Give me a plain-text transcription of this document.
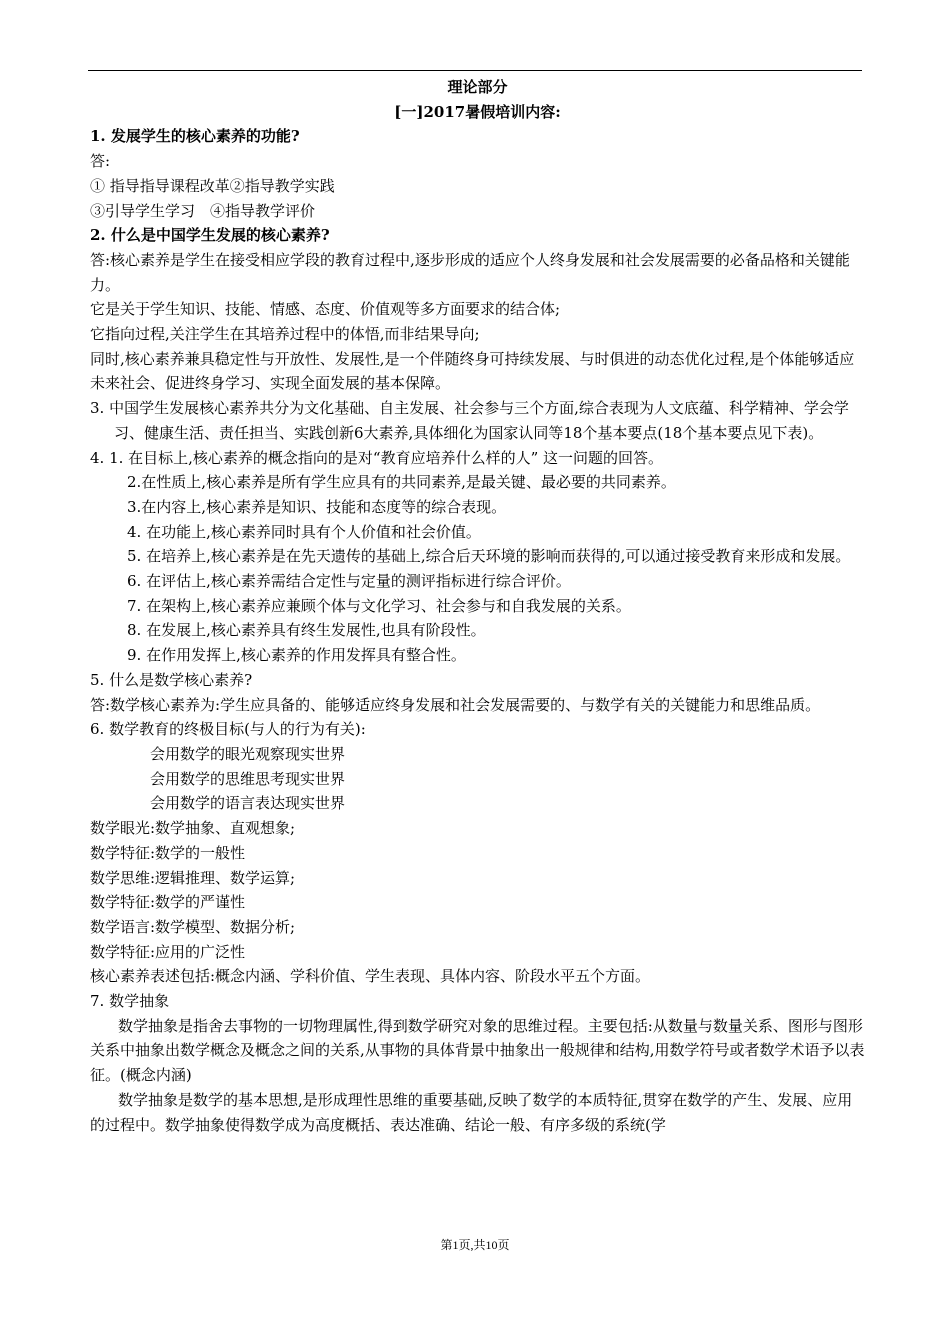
理论部分

[一]2017暑假培训内容:

1. 发展学生的核心素养的功能?

答:

① 指导指导课程改革②指导教学实践

③引导学生学习　④指导教学评价

2. 什么是中国学生发展的核心素养?

答:核心素养是学生在接受相应学段的教育过程中,逐步形成的适应个人终身发展和社会发展需要的必备品格和关键能力。

它是关于学生知识、技能、情感、态度、价值观等多方面要求的结合体;

它指向过程,关注学生在其培养过程中的体悟,而非结果导向;

同时,核心素养兼具稳定性与开放性、发展性,是一个伴随终身可持续发展、与时俱进的动态优化过程,是个体能够适应未来社会、促进终身学习、实现全面发展的基本保障。

3. 中国学生发展核心素养共分为文化基础、自主发展、社会参与三个方面,综合表现为人文底蕴、科学精神、学会学习、健康生活、责任担当、实践创新6大素养,具体细化为国家认同等18个基本要点(18个基本要点见下表)。

4. 1. 在目标上,核心素养的概念指向的是对“教育应培养什么样的人” 这一问题的回答。

2.在性质上,核心素养是所有学生应具有的共同素养,是最关键、最必要的共同素养。

3.在内容上,核心素养是知识、技能和态度等的综合表现。

4. 在功能上,核心素养同时具有个人价值和社会价值。

5. 在培养上,核心素养是在先天遗传的基础上,综合后天环境的影响而获得的,可以通过接受教育来形成和发展。

6. 在评估上,核心素养需结合定性与定量的测评指标进行综合评价。

7. 在架构上,核心素养应兼顾个体与文化学习、社会参与和自我发展的关系。

8. 在发展上,核心素养具有终生发展性,也具有阶段性。

9. 在作用发挥上,核心素养的作用发挥具有整合性。

5. 什么是数学核心素养?

答:数学核心素养为:学生应具备的、能够适应终身发展和社会发展需要的、与数学有关的关键能力和思维品质。

6. 数学教育的终极目标(与人的行为有关):

会用数学的眼光观察现实世界

会用数学的思维思考现实世界

会用数学的语言表达现实世界

数学眼光:数学抽象、直观想象;

数学特征:数学的一般性

数学思维:逻辑推理、数学运算;

数学特征:数学的严谨性

数学语言:数学模型、数据分析;

数学特征:应用的广泛性

核心素养表述包括:概念内涵、学科价值、学生表现、具体内容、阶段水平五个方面。

7. 数学抽象

数学抽象是指舍去事物的一切物理属性,得到数学研究对象的思维过程。主要包括:从数量与数量关系、图形与图形关系中抽象出数学概念及概念之间的关系,从事物的具体背景中抽象出一般规律和结构,用数学符号或者数学术语予以表征。(概念内涵)

数学抽象是数学的基本思想,是形成理性思维的重要基础,反映了数学的本质特征,贯穿在数学的产生、发展、应用的过程中。数学抽象使得数学成为高度概括、表达准确、结论一般、有序多级的系统(学

第1页,共10页
